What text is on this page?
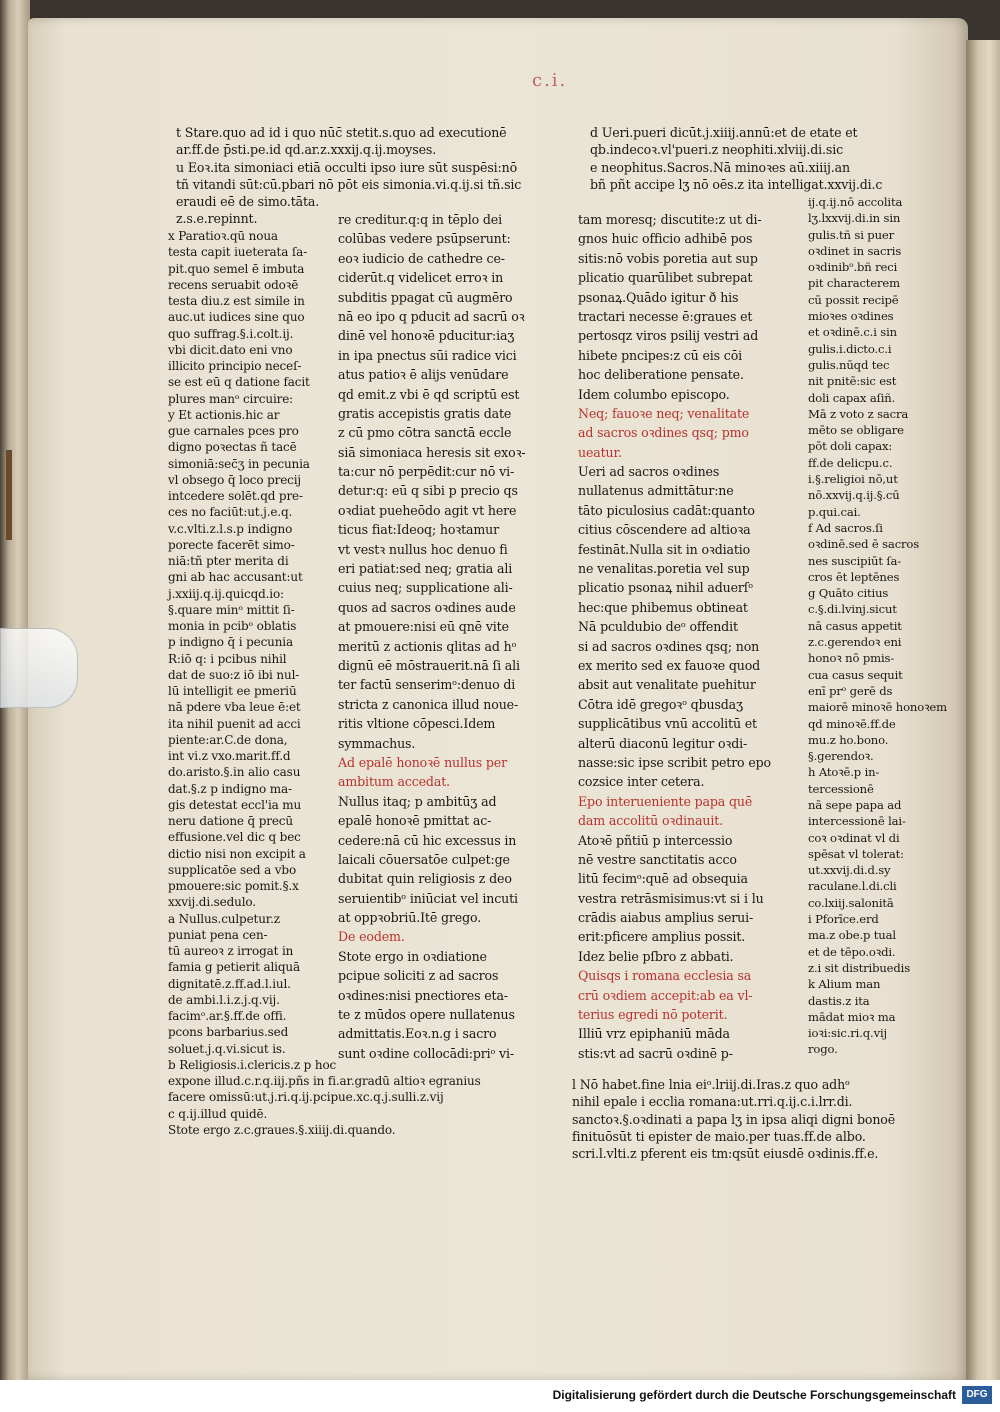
c.i.
t Stare.quo ad id i quo nūc̄ stetit.s.quo ad executionē
ar.ff.de p̄sti.pe.id qd.ar.z.xxxij.q.ij.moyses.
u Eoꝛ.ita simoniaci etiā occulti ipso iure sūt suspēsi:nō
tñ vitandi sūt:cū.pbari nō pōt eis simonia.vi.q.ij.si tñ.sic
eraudi eē de simo.tāta.
z.s.e.repinnt.
x Paratioꝛ.qū noua
testa capit iueterata ſa-
pit.quo semel ē imbuta
recens seruabit odoꝛē
testa diu.z est simile in
auc.ut iudices sine quo
quo suffrag.§.i.colt.ij.
vbi dicit.dato eni vno
illicito principio neceſ-
se est eū q datione facit
plures manᵒ circuire:
y Et actionis.hic ar
gue carnales pces pro
digno poꝛectas ñ tacē
simoniā:sec̄ʒ in pecunia
vl obsego q̄ loco precij
intcedere solēt.qd pre-
ces no faciūt:ut.j.e.q.
v.c.vlti.z.l.s.p indigno
porecte facerēt simo-
niā:tñ pter merita di
gni ab hac accusant:ut
j.xxiij.q.ij.quicqd.io:
§.quare minᵒ mittit ſi-
monia in pcibᵒ oblatis
p indigno q̄ i pecunia
R:iō q: i pcibus nihil
dat de suo:z iō ibi nul-
lū intelligit ee pmeriū
nā pdere vba leue ē:et
ita nihil puenit ad acci
piente:ar.C.de dona,
int vi.z vxo.marit.ff.d
do.aristo.§.in alio casu
dat.§.z p indigno ma-
gis detestat eccl'ia mu
neru datione q̄ precū
effusione.vel dic q bec
dictio nisi non excipit a
supplicatōe sed a vbo
pmouere:sic pomit.§.x
xxvij.di.sedulo.
a Nullus.culpetur.z
puniat pena cen-
tū aureoꝛ z irrogat in
famia g petierit aliquā
dignitatē.z.ff.ad.l.iul.
de ambi.l.i.z.j.q.vij.
facimᵒ.ar.§.ff.de offi.
pcons barbarius.sed
soluet.j.q.vi.sicut is.
b Religiosis.i.clericis.z p hoc
expone illud.c.r.q.iij.pñs in fi.ar.gradū altioꝛ egranius
facere omissū:ut.j.ri.q.ij.pcipue.xc.q.j.sulli.z.vij
c q.ij.illud quidē.
Stote ergo z.c.graues.§.xiiij.di.quando.
re creditur.q:q in tēplo dei
colūbas vedere psūpserunt:
eoꝛ iudicio de cathedre ce-
ciderūt.q videlicet erroꝛ in
subditis ppagat cū augmēro
nā eo ipo q pducit ad sacrū oꝛ
dinē vel honoꝛē pducitur:iaʒ
in ipa pnectus sūi radice vici
atus patioꝛ ē alijs venūdare
qd emit.z vbi ē qd scriptū est
gratis accepistis gratis date
z cū pmo cōtra sanctā eccle
siā simoniaca heresis sit exoꝛ-
ta:cur nō perpēdit:cur nō vi-
detur:q: eū q sibi p precio qs
oꝛdiat pueheōdo agit vt here
ticus fiat:Ideoq; hoꝛtamur
vt vestꝛ nullus hoc denuo fi
eri patiat:sed neq; gratia ali
cuius neq; supplicatione ali-
quos ad sacros oꝛdines aude
at pmouere:nisi eū qnē vite
meritū z actionis qlitas ad hᵒ
dignū eē mōstrauerit.nā ſi ali
ter factū senserimᵒ:denuo di
stricta z canonica illud noue-
ritis vltione cōpesci.Idem
symmachus.
Ad epalē honoꝛē nullus per
ambitum accedat.
Nullus itaq; p ambitūʒ ad
epalē honoꝛē pmittat ac-
cedere:nā cū hic excessus in
laicali cōuersatōe culpet:ge
dubitat quin religiosis z deo
seruientibᵒ iniūciat vel incuti
at oppꝛobriū.Itē grego.
De eodem.
Stote ergo in oꝛdiatione
pcipue soliciti z ad sacros
oꝛdines:nisi pnectiores eta-
te z mūdos opere nullatenus
admittatis.Eoꝛ.n.g i sacro
sunt oꝛdine collocādi:priᵒ vi-
d Ueri.pueri dicūt.j.xiiij.annū:et de etate et
qb.indecoꝛ.vl'pueri.z neophiti.xlviij.di.sic
e neophitus.Sacros.Nā minoꝛes aū.xiiij.an
bñ pñt accipe lʒ nō oēs.z ita intelligat.xxvij.di.c
tam moresq; discutite:z ut di-
gnos huic officio adhibē pos
sitis:nō vobis poretia aut sup
plicatio quarūlibet subrepat
psonaꝝ.Quādo igitur ð his
tractari necesse ē:graues et
pertosqz viros psilij vestri ad
hibete pncipes:z cū eis cōi
hoc deliberatione pensate.
Idem columbo episcopo.
Neq; fauoꝛe neq; venalitate
ad sacros oꝛdines qsq; pmo
ueatur.
Ueri ad sacros oꝛdines
nullatenus admittātur:ne
tāto piculosius cadāt:quanto
citius cōscendere ad altioꝛa
festināt.Nulla sit in oꝛdiatio
ne venalitas.poretia vel sup
plicatio psonaꝝ nihil aduerſᵒ
hec:que phibemus obtineat
Nā pculdubio deᵒ offendit
si ad sacros oꝛdines qsq; non
ex merito sed ex fauoꝛe quod
absit aut venalitate puehitur
Cōtra idē gregoꝛᵒ qbusdaʒ
supplicātibus vnū accolitū et
alterū diaconū legitur oꝛdi-
nasse:sic ipse scribit petro epo
cozsice inter cetera.
Epo interueniente papa quē
dam accolitū oꝛdinauit.
Atoꝛē pñtiū p intercessio
nē vestre sanctitatis acco
litū fecimᵒ:quē ad obsequia
vestra retrāsmisimus:vt si i lu
crādis aiabus amplius serui-
erit:pficere amplius possit.
Idez belie pſbro z abbati.
Quisqs i romana ecclesia sa
crū oꝛdiem accepit:ab ea vl-
terius egredi nō poterit.
Illiū vrz epiphaniū māda
stis:vt ad sacrū oꝛdinē p-
ij.q.ij.nō accolita
lʒ.lxxvij.di.in sin
gulis.tñ si puer
oꝛdinet in sacris
oꝛdinibᵒ.bñ reci
pit characterem
cū possit recipē
mioꝛes oꝛdines
et oꝛdinē.c.i sin
gulis.i.dicto.c.i
gulis.nūqd tec
nit pnitē:sic est
doli capax aſiñ.
Mā z voto z sacra
mēto se obligare
pōt doli capax:
ff.de delicpu.c.
i.§.religioi nō,ut
nō.xxvij.q.ij.§.cū
p.qui.cai.
f Ad sacros.ſi
oꝛdinē.sed ē sacros
nes suscipiūt ſa-
cros ēt leptēnes
g Quāto citius
c.§.di.lvinj.sicut
nā casus appetit
z.c.gerendoꝛ eni
honoꝛ nō pmis-
cua casus sequit
enī prᵒ gerē ds
maiorē minoꝛē honoꝛem
qd minoꝛē.ff.de
mu.z ho.bono.
§.gerendoꝛ.
h Atoꝛē.p in-
tercessionē
nā sepe papa ad
intercessionē lai-
coꝛ oꝛdinat vl di
spēsat vl tolerat:
ut.xxvij.di.d.sy
raculane.l.di.cli
co.lxiij.salonitā
i Pforīce.erd
ma.z obe.p tual
et de tēpo.oꝛdi.
z.i sit distribuedis
k Alium man
dastis.z ita
mādat mioꝛ ma
ioꝛi:sic.ri.q.vij
rogo.
l Nō habet.fine lnia eiᵒ.lriij.di.Iras.z quo adhᵒ
nihil epale i ecclia romana:ut.rri.q.ij.c.i.lrr.di.
sanctoꝛ.§.oꝛdinati a papa lʒ in ipsa aliqi digni bonoē
finituōsūt ti epister de maio.per tuas.ff.de albo.
scri.l.vlti.z pferent eis tm:qsūt eiusdē oꝛdinis.ff.e.
Digitalisierung gefördert durch die Deutsche Forschungsgemeinschaft	DFG
